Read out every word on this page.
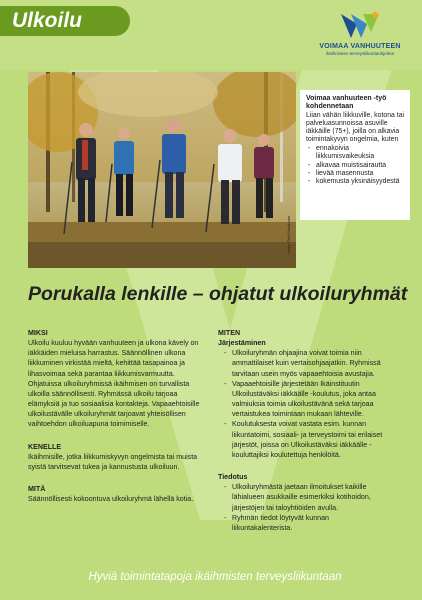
Ulkoilu
VOIMAA VANHUUTEEN
ikäihmisten terveysliikuntaohjelma
Kuva: Olof Gassholm
Voimaa vanhuuteen -työ kohdennetaan

Liian vähän liikkuville, kotona tai palveluasunnoissa asuville iäkkäille (75+), joilla on alkavia toimintakyvyn ongelmia, kuten

- ennakoivia liikkumisvaikeuksia
- alkavaa muistisairautta
- lievää masennusta
- kokemusta yksinäisyydestä
Porukalla lenkille – ohjatut ulkoiluryhmät
MIKSI

Ulkoilu kuuluu hyvään vanhuuteen ja ulkona kävely on iäkkäiden mieluisa harrastus. Säännöllinen ulkona liikkuminen virkistää mieltä, kehittää tasapainoa ja lihasvoimaa sekä parantaa liikkumisvarmuutta. Ohjatuissa ulkoiluryhmissä ikäihmisen on turvallista ulkoilla säännöllisesti. Ryhmässä ulkoilu tarjoaa elämyksiä ja tuo sosiaalisia kontakteja. Vapaaehtoisille ulkoilustävälle ulkoiluryhmät tarjoavat yhteisöllisen vaihtoehdon ulkoiluapuna toimimiselle.

KENELLE

Ikäihmisille, jotka liikkumiskyvyn ongelmista tai muista syistä tarvitsevat tukea ja kannustusta ulkoiluun.

MITÄ

Säännöllisesti kokoontuva ulkoiluryhmä lähellä kotia.

MITEN
Järjestäminen
- Ulkoiluryhmän ohjaajina voivat toimia niin ammattilaiset kuin vertaisohjaajatkin. Ryhmissä tarvitaan usein myös vapaaehtoisia avustajia.
- Vapaaehtoisille järjestetään Ikäinstituutin Ulkoilustäväksi iäkkäälle -koulutus, joka antaa valmiuksia toimia ulkoilustävänä sekä tarjoaa vertaistukea toimintaan mukaan lähteville.
- Koulutuksesta voivat vastata esim. kunnan liikuntatoimi, sosiaali- ja terveystoimi tai erilaiset järjestöt, joissa on Ulkoilustäväksi iäkkäälle -kouluttajiksi koulutettuja henkilöitä.
Tiedotus
- Ulkoiluryhmästä jaetaan ilmoitukset kaikille lähialueen asukkaille esimerkiksi kotihoidon, järjestöjen tai taloyhtiöiden avulla.
- Ryhmän tiedot löytyvät kunnan liikuntakalenterista.
Hyviä toimintatapoja ikäihmisten terveysliikuntaan
